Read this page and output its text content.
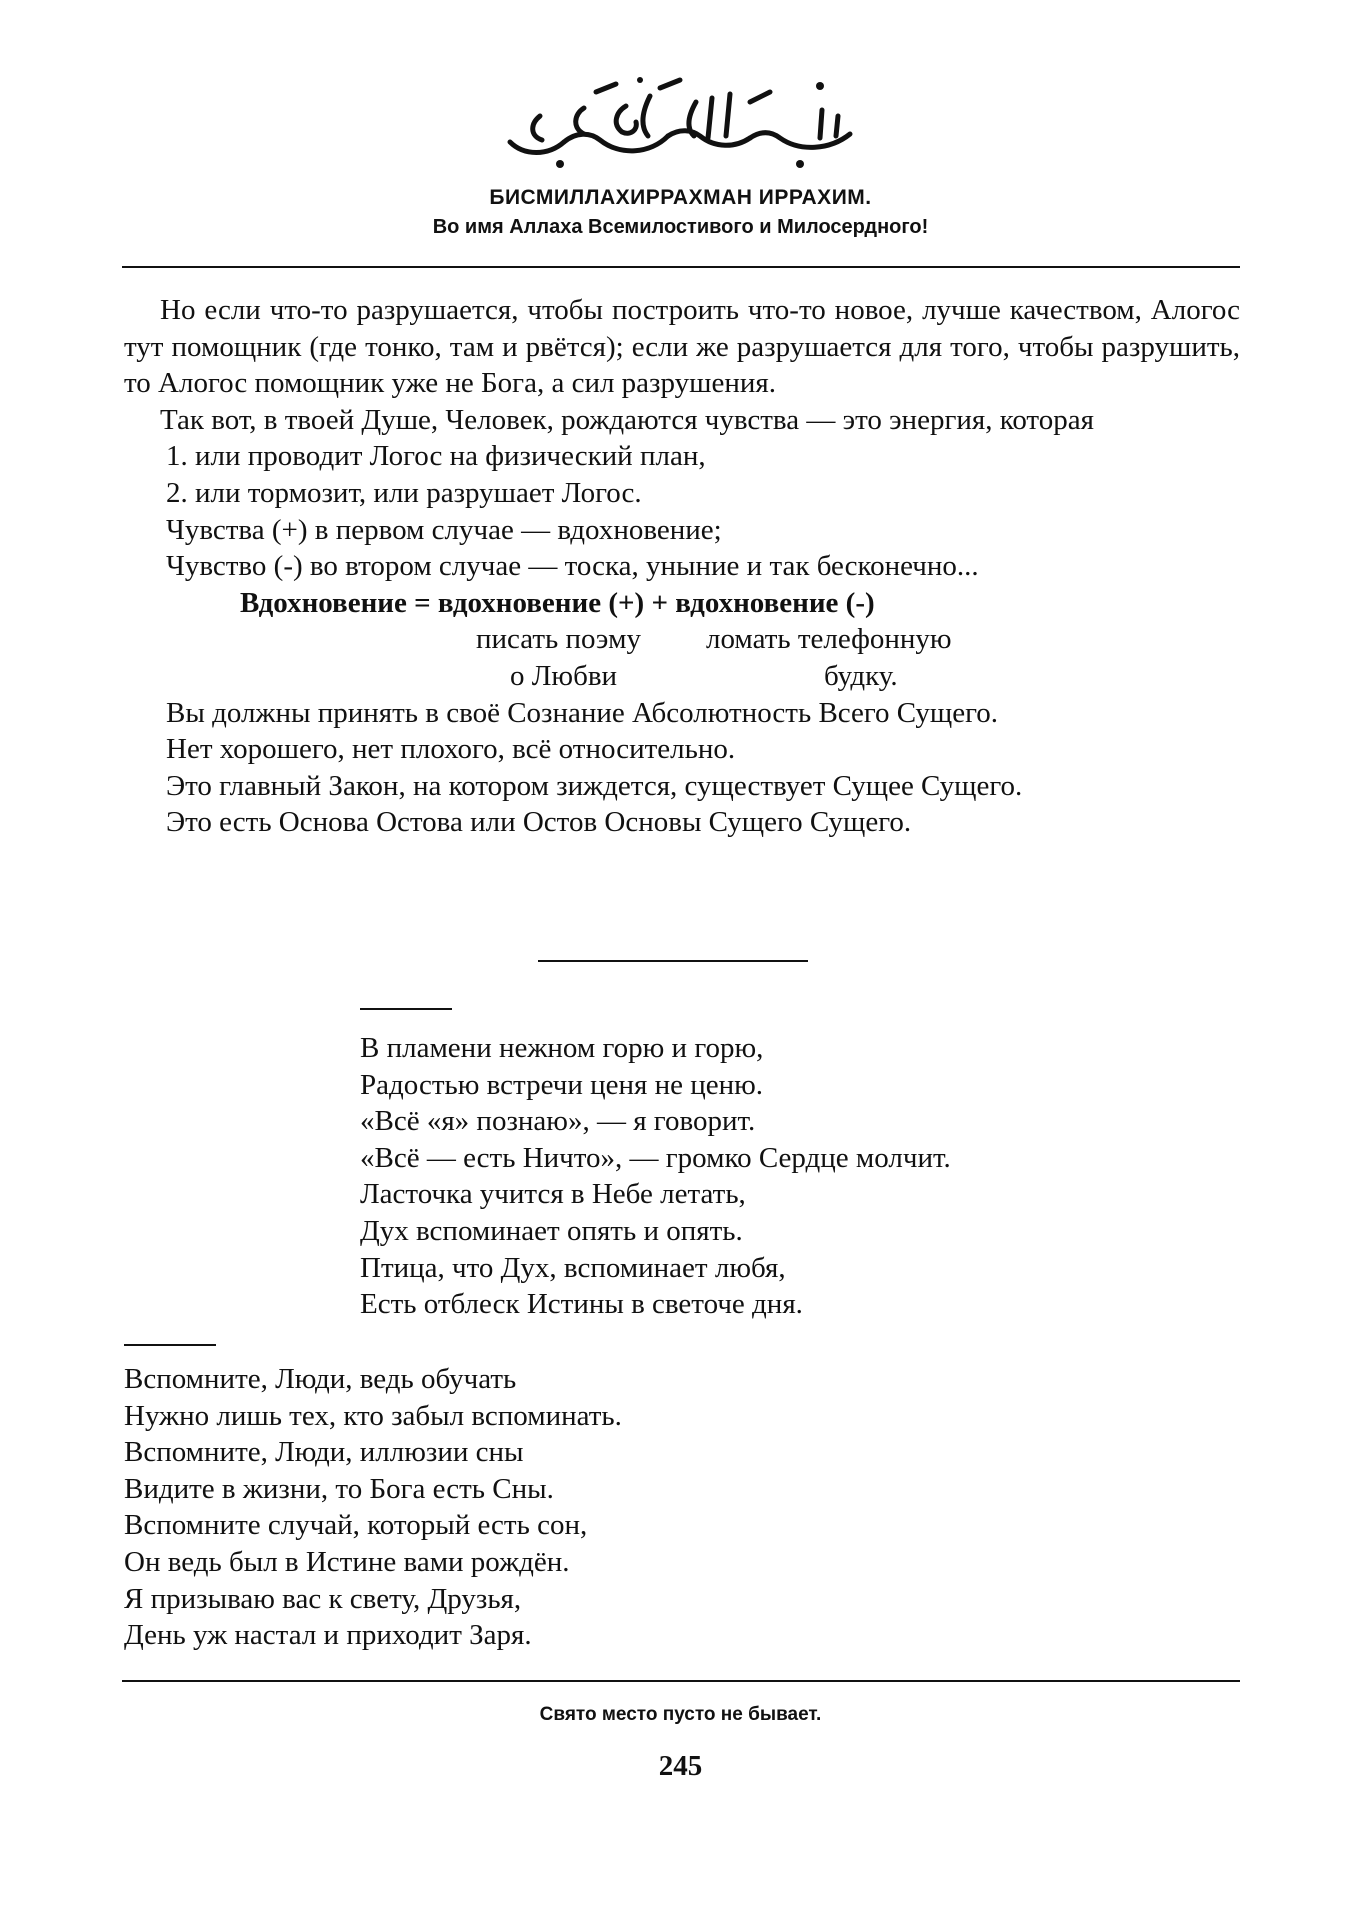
БИСМИЛЛАХИРРАХМАН ИРРАХИМ.
Во имя Аллаха Всемилостивого и Милосердного!

Но если что-то разрушается, чтобы построить что-то новое, лучше качеством, Алогос тут помощник (где тонко, там и рвётся); если же разрушается для того, чтобы разрушить, то Алогос помощник уже не Бога, а сил разрушения.

Так вот, в твоей Душе, Человек, рождаются чувства — это энергия, которая

1. или проводит Логос на физический план,

2. или тормозит, или разрушает Логос.

Чувства (+) в первом случае — вдохновение;

Чувство (-) во втором случае — тоска, уныние и так бесконечно...

Вдохновение = вдохновение (+) + вдохновение (-)

писать поэму ломать телефонную
о Любви	будку.

Вы должны принять в своё Сознание Абсолютность Всего Сущего.

Нет хорошего, нет плохого, всё относительно.

Это главный Закон, на котором зиждется, существует Сущее Сущего.

Это есть Основа Остова или Остов Основы Сущего Сущего.

В пламени нежном горю и горю,
Радостью встречи ценя не ценю.
«Всё «я» познаю», — я говорит.
«Всё — есть Ничто», — громко Сердце молчит.
Ласточка учится в Небе летать,
Дух вспоминает опять и опять.
Птица, что Дух, вспоминает любя,
Есть отблеск Истины в светоче дня.
Вспомните, Люди, ведь обучать
Нужно лишь тех, кто забыл вспоминать.
Вспомните, Люди, иллюзии сны
Видите в жизни, то Бога есть Сны.
Вспомните случай, который есть сон,
Он ведь был в Истине вами рождён.
Я призываю вас к свету, Друзья,
День уж настал и приходит Заря.
Свято место пусто не бывает.
245
